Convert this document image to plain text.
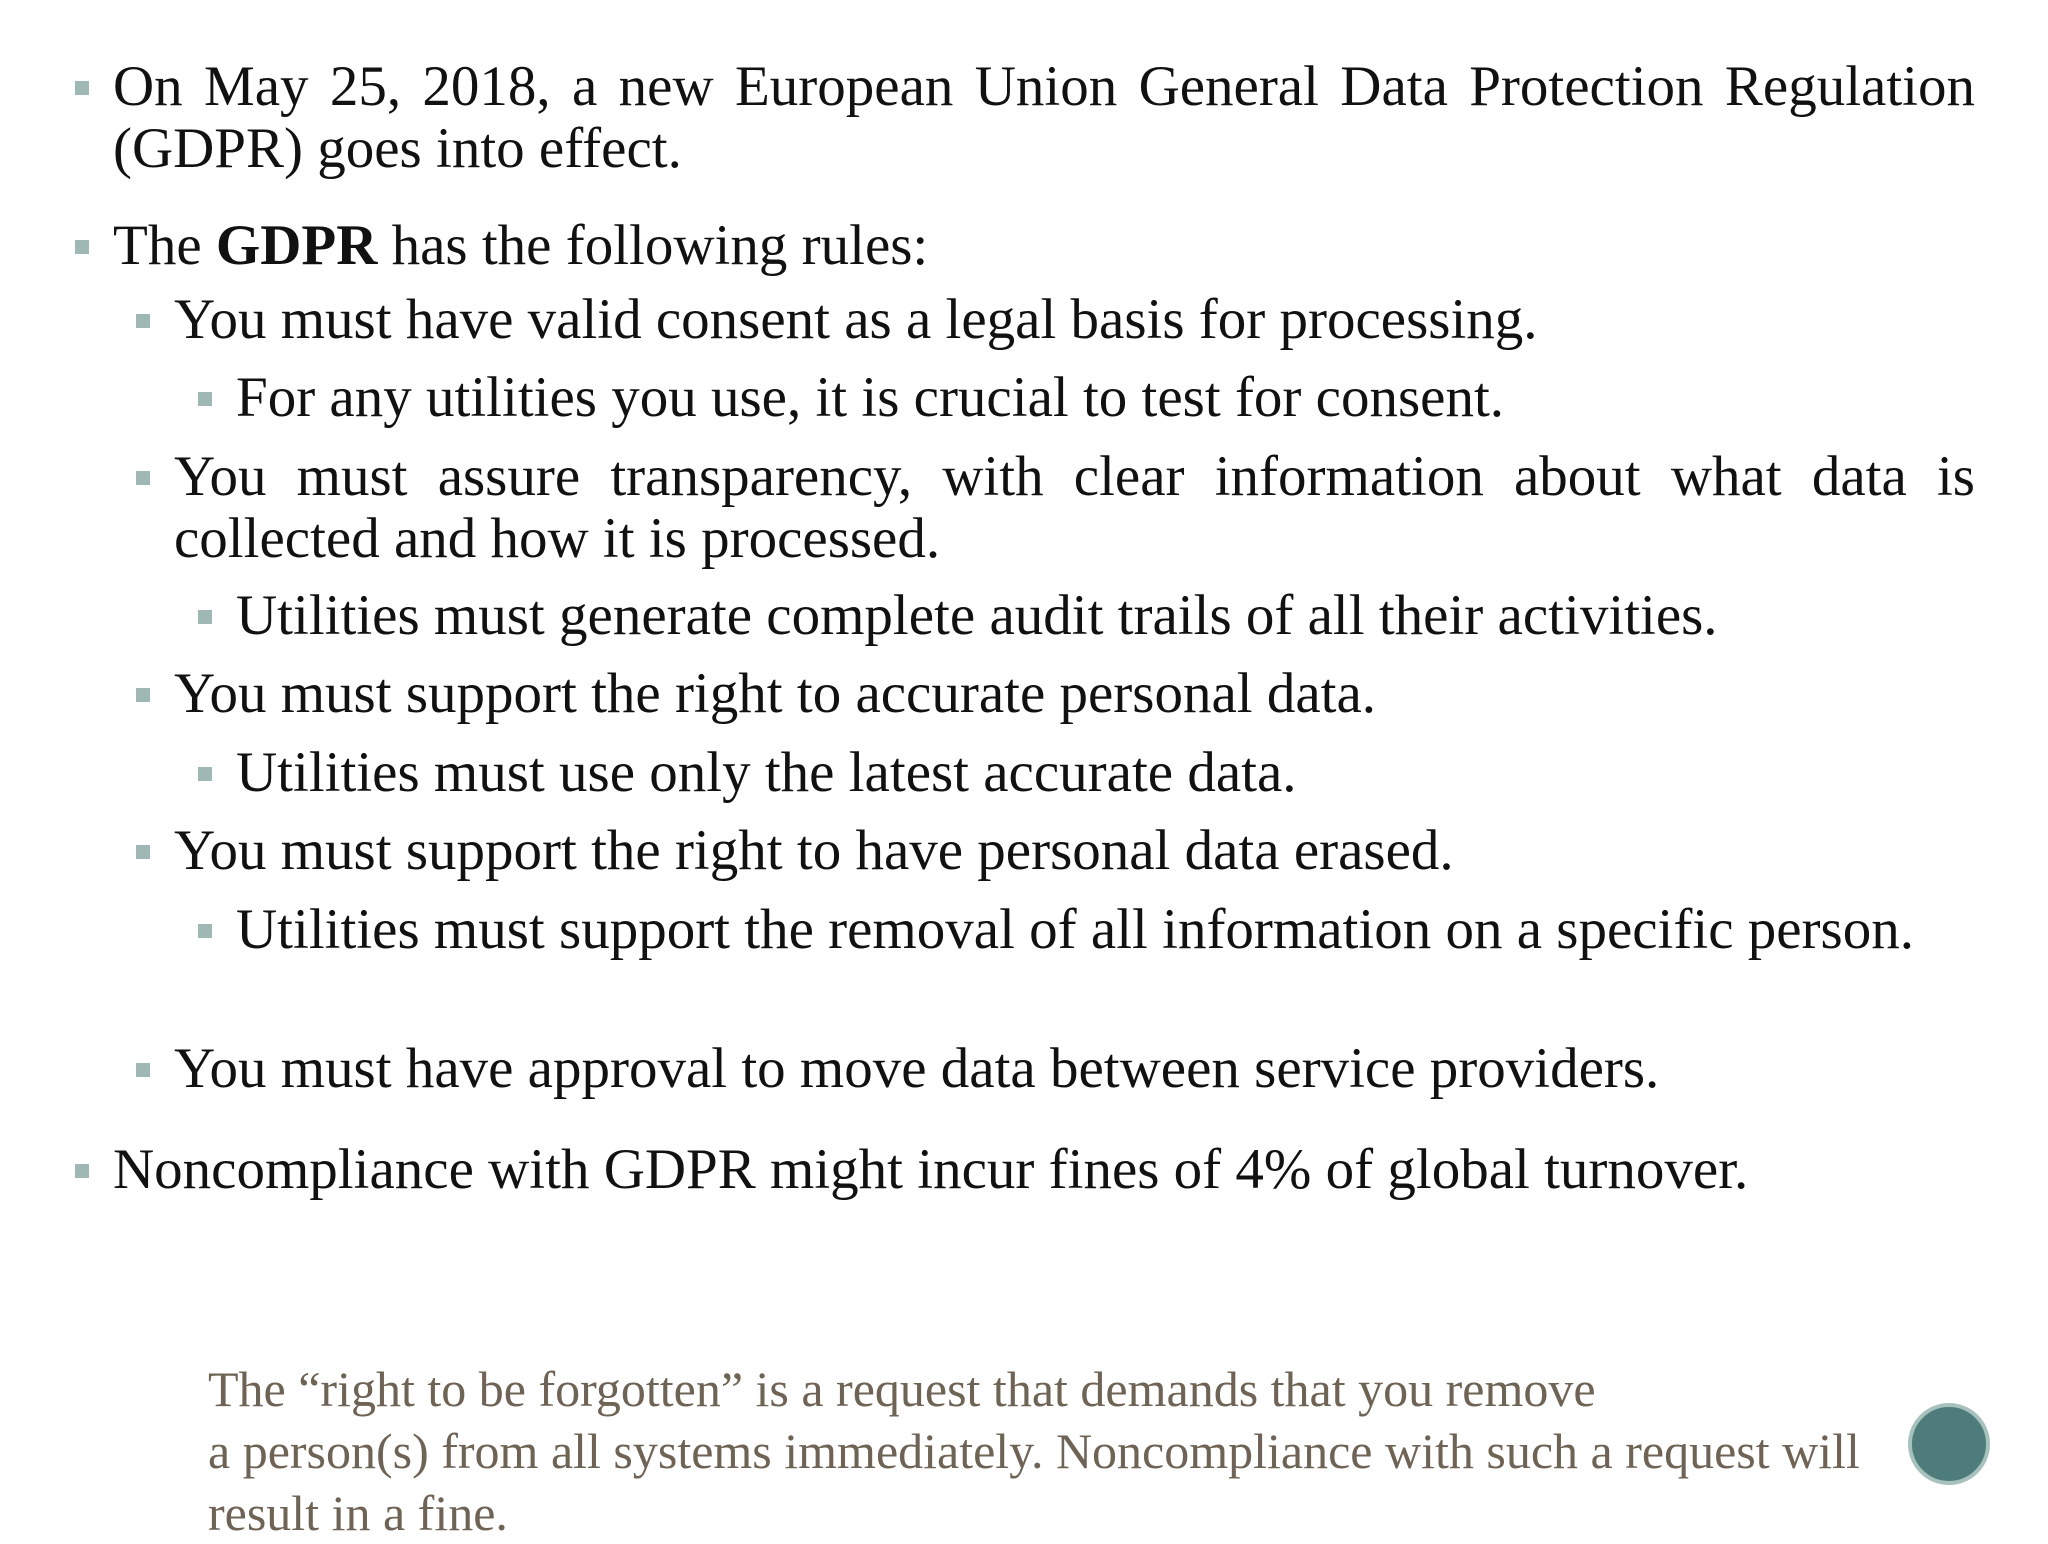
On May 25, 2018, a new European Union General Data Protection Regulation (GDPR) goes into effect.
The GDPR has the following rules:
You must have valid consent as a legal basis for processing.
For any utilities you use, it is crucial to test for consent.
You must assure transparency, with clear information about what data is collected and how it is processed.
Utilities must generate complete audit trails of all their activities.
You must support the right to accurate personal data.
Utilities must use only the latest accurate data.
You must support the right to have personal data erased.
Utilities must support the removal of all information on a specific person.
You must have approval to move data between service providers.
Noncompliance with GDPR might incur fines of 4% of global turnover.
The “right to be forgotten” is a request that demands that you remove
a person(s) from all systems immediately. Noncompliance with such a request will
result in a fine.
